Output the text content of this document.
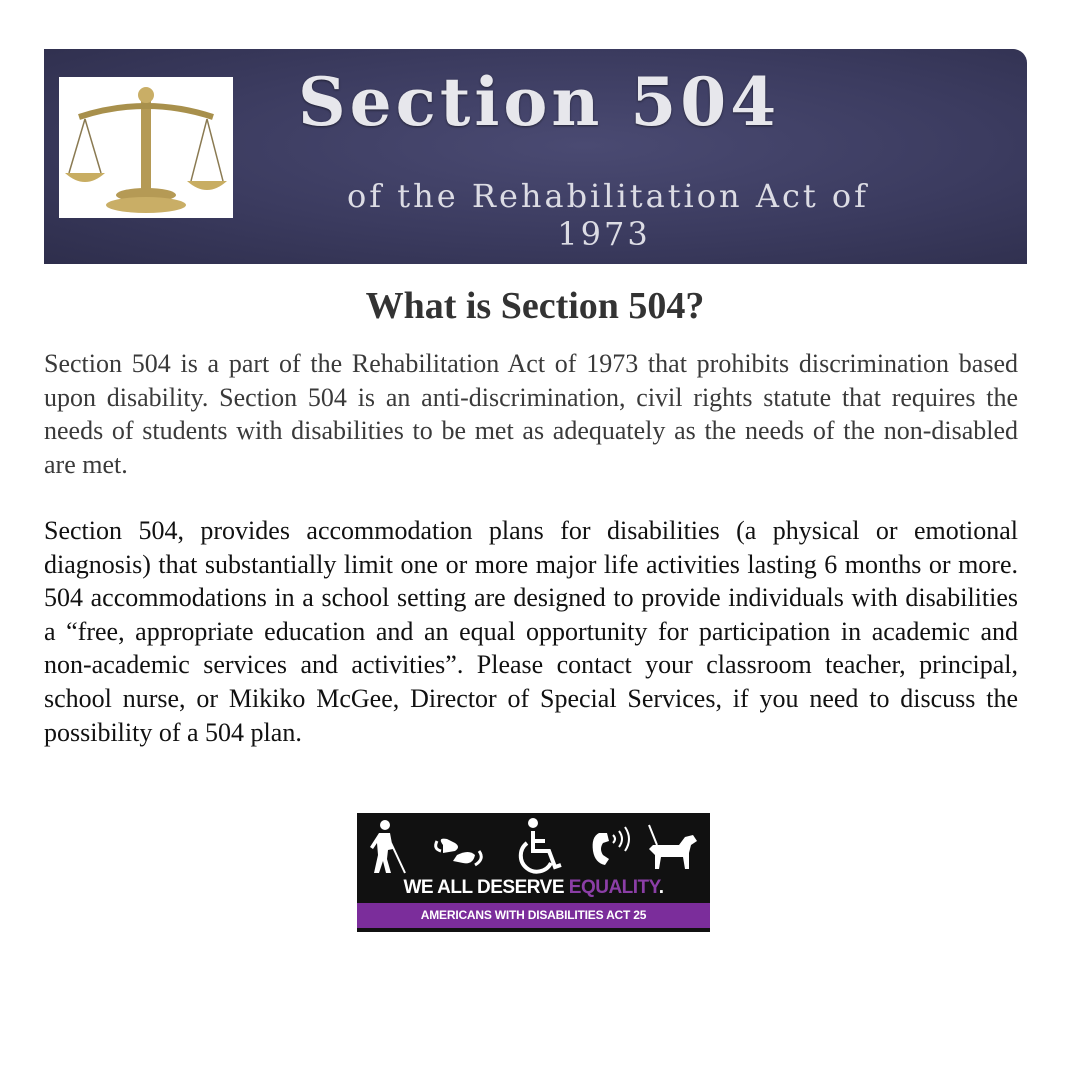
Section 504
of the Rehabilitation Act of
1973
What is Section 504?

Section 504 is a part of the Rehabilitation Act of 1973 that prohibits discrimination based upon disability. Section 504 is an anti-discrimination, civil rights statute that requires the needs of students with disabilities to be met as adequately as the needs of the non-disabled are met.

Section 504, provides accommodation plans for disabilities (a physical or emotional diagnosis) that substantially limit one or more major life activities lasting 6 months or more. 504 accommodations in a school setting are designed to provide individuals with disabilities a “free, appropriate education and an equal opportunity for participation in academic and non-academic services and activities”. Please contact your classroom teacher, principal, school nurse, or Mikiko McGee, Director of Special Services, if you need to discuss the possibility of a 504 plan.

WE ALL DESERVE EQUALITY.
AMERICANS WITH DISABILITIES ACT 25
